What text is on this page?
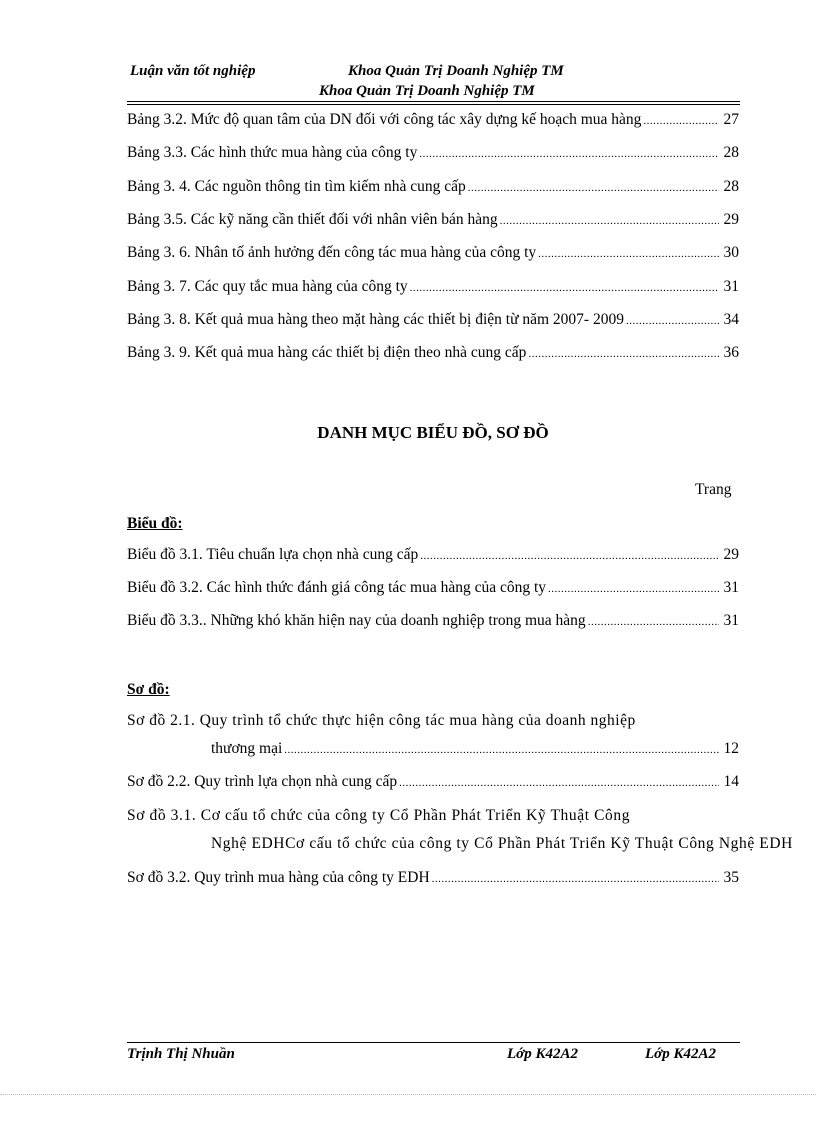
Luận văn tốt nghiệp	Khoa Quản Trị Doanh Nghiệp TM
Khoa Quản Trị Doanh Nghiệp TM
Bảng 3.2. Mức độ quan tâm của DN đối với công tác xây dựng kế hoạch mua hàng .....	27
Bảng 3.3. Các hình thức mua hàng của công ty .....	28
Bảng 3. 4. Các nguồn thông tin tìm kiếm nhà cung cấp .....	28
Bảng 3.5. Các kỹ năng cần thiết đối với nhân viên bán hàng .....	29
Bảng 3. 6. Nhân tố ảnh hưởng đến công tác mua hàng của công ty .....	30
Bảng 3. 7. Các quy tắc mua hàng của công ty .....	31
Bảng 3. 8. Kết quả mua hàng theo mặt hàng các thiết bị điện từ năm 2007- 2009 .....	34
Bảng 3. 9. Kết quả mua hàng các thiết bị điện theo nhà cung cấp .....	36
DANH MỤC BIỂU ĐỒ, SƠ ĐỒ
Trang
Biểu đồ:
Biểu đồ 3.1. Tiêu chuẩn lựa chọn nhà cung cấp .....	29
Biểu đồ 3.2. Các hình thức đánh giá công tác mua hàng của công ty .....	31
Biểu đồ 3.3.. Những khó khăn hiện nay của doanh nghiệp trong mua hàng .....	31
Sơ đồ:
Sơ đồ 2.1. Quy trình tổ chức thực hiện công tác mua hàng của doanh nghiệp
thương mại .....	12
Sơ đồ 2.2. Quy trình lựa chọn nhà cung cấp .....	14
Sơ đồ 3.1. Cơ cấu tổ chức của công ty Cổ Phần Phát Triển Kỹ Thuật Công
Nghệ EDHCơ cấu tổ chức của công ty Cổ Phần Phát Triển Kỹ Thuật Công Nghệ EDH
Sơ đồ 3.2. Quy trình mua hàng của công ty EDH .....	35
Trịnh Thị Nhuần	Lớp K42A2	Lớp K42A2
